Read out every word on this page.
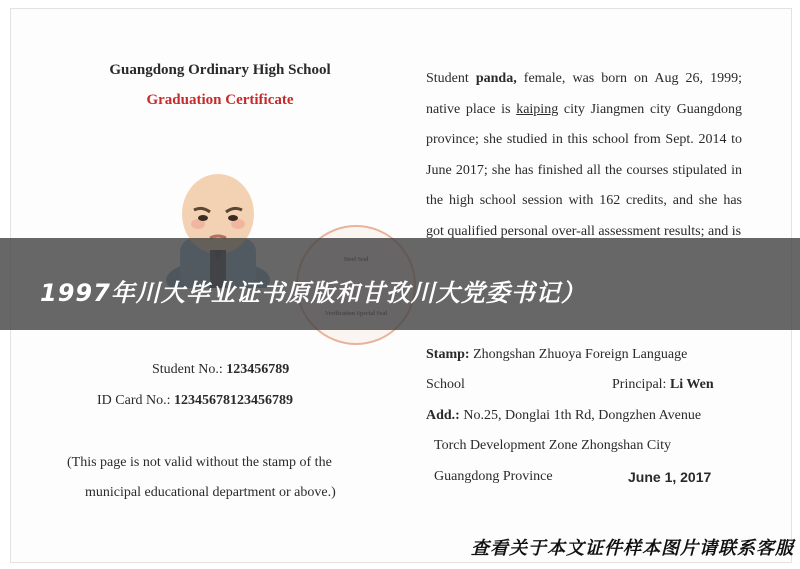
Guangdong Ordinary High School
Graduation Certificate
Student panda, female, was born on Aug 26, 1999; native place is kaiping city Jiangmen city Guangdong province; she studied in this school from Sept. 2014 to June 2017; she has finished all the courses stipulated in the high school session with 162 credits, and she has got qualified personal over-all assessment results; and is
Student No.: 123456789
ID Card No.: 12345678123456789
(This page is not valid without the stamp of the
municipal educational department or above.)
Stamp: Zhongshan Zhuoya Foreign Language
School	Principal: Li Wen
Add.: No.25, Donglai 1th Rd, Dongzhen Avenue
Torch Development Zone Zhongshan City
Guangdong Province	June 1, 2017
1997年川大毕业证书原版和甘孜川大党委书记）
查看关于本文证件样本图片请联系客服
